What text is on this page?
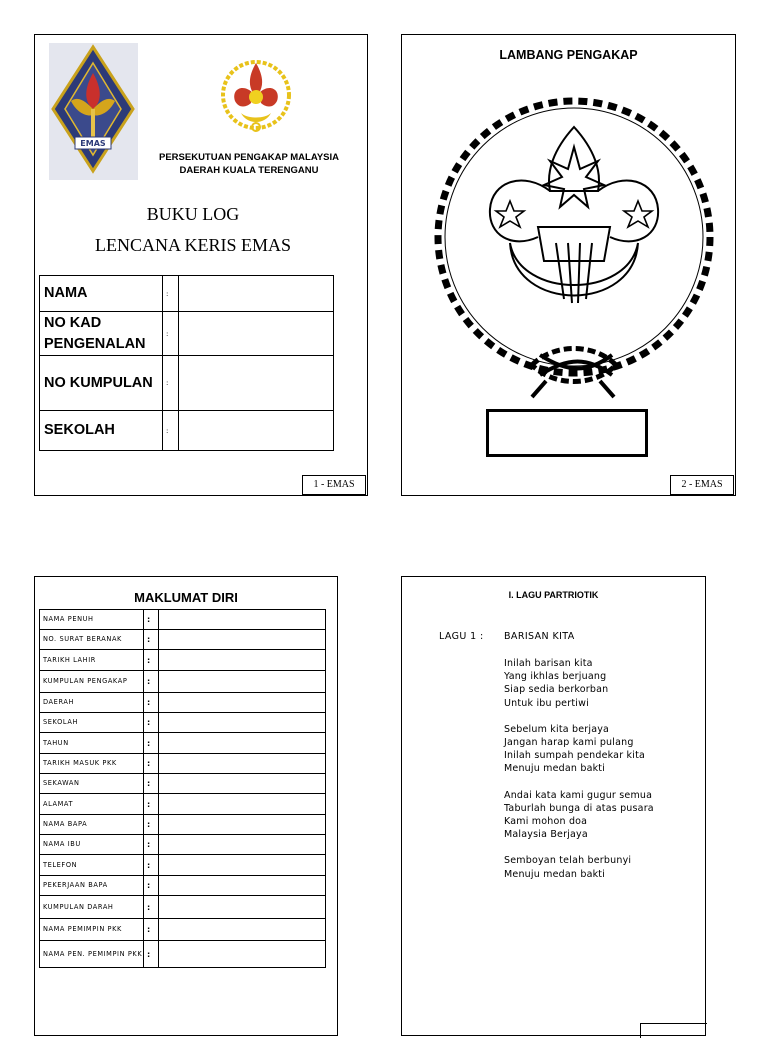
EMAS
PERSEKUTUAN PENGAKAP MALAYSIA
DAERAH KUALA TERENGANU
BUKU LOG
LENCANA KERIS EMAS
NAMA	:	
NO KAD PENGENALAN	:	
NO KUMPULAN	:	
SEKOLAH	:	
1 - EMAS
LAMBANG PENGAKAP
2 - EMAS
MAKLUMAT DIRI
NAMA PENUH	:	
NO. SURAT BERANAK	:	
TARIKH LAHIR	:	
KUMPULAN PENGAKAP	:	
DAERAH	:	
SEKOLAH	:	
TAHUN	:	
TARIKH MASUK PKK	:	
SEKAWAN	:	
ALAMAT	:	
NAMA BAPA	:	
NAMA IBU	:	
TELEFON	:	
PEKERJAAN BAPA	:	
KUMPULAN DARAH	:	
NAMA PEMIMPIN PKK	:	
NAMA PEN. PEMIMPIN PKK	:	
I. LAGU PARTRIOTIK
LAGU 1 : BARISAN KITA
Inilah barisan kita
Yang ikhlas berjuang
Siap sedia berkorban
Untuk ibu pertiwi
Sebelum kita berjaya
Jangan harap kami pulang
Inilah sumpah pendekar kita
Menuju medan bakti
Andai kata kami gugur semua
Taburlah bunga di atas pusara
Kami mohon doa
Malaysia Berjaya
Semboyan telah berbunyi
Menuju medan bakti
